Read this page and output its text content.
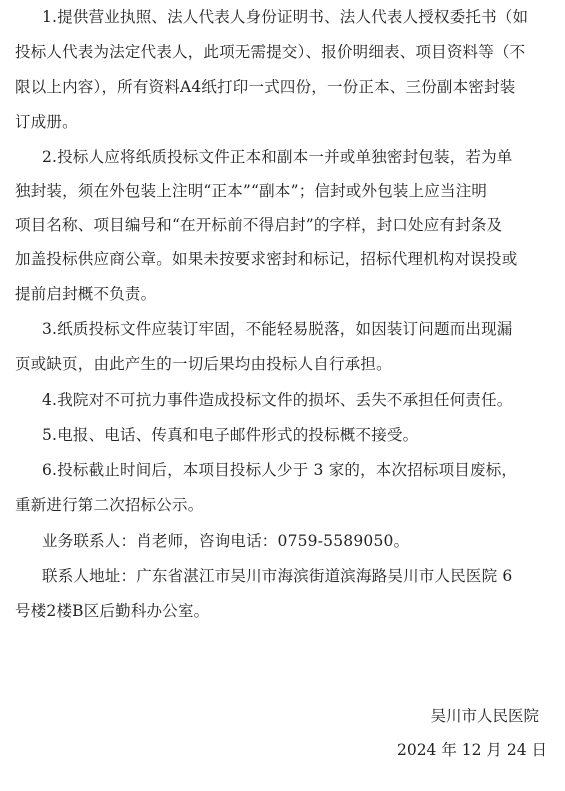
1.提供营业执照、法人代表人身份证明书、法人代表人授权委托书（如
投标人代表为法定代表人，此项无需提交）、报价明细表、项目资料等（不
限以上内容），所有资料A4纸打印一式四份，一份正本、三份副本密封装
订成册。
2.投标人应将纸质投标文件正本和副本一并或单独密封包装，若为单
独封装，须在外包装上注明“正本”“副本”；信封或外包装上应当注明
项目名称、项目编号和“在开标前不得启封”的字样，封口处应有封条及
加盖投标供应商公章。如果未按要求密封和标记，招标代理机构对误投或
提前启封概不负责。
3.纸质投标文件应装订牢固，不能轻易脱落，如因装订问题而出现漏
页或缺页，由此产生的一切后果均由投标人自行承担。
4.我院对不可抗力事件造成投标文件的损坏、丢失不承担任何责任。
5.电报、电话、传真和电子邮件形式的投标概不接受。
6.投标截止时间后，本项目投标人少于 3 家的，本次招标项目废标，
重新进行第二次招标公示。
业务联系人：肖老师，咨询电话：0759-5589050。
联系人地址：广东省湛江市吴川市海滨街道滨海路吴川市人民医院 6
号楼2楼B区后勤科办公室。
吴川市人民医院
2024 年 12 月 24 日
